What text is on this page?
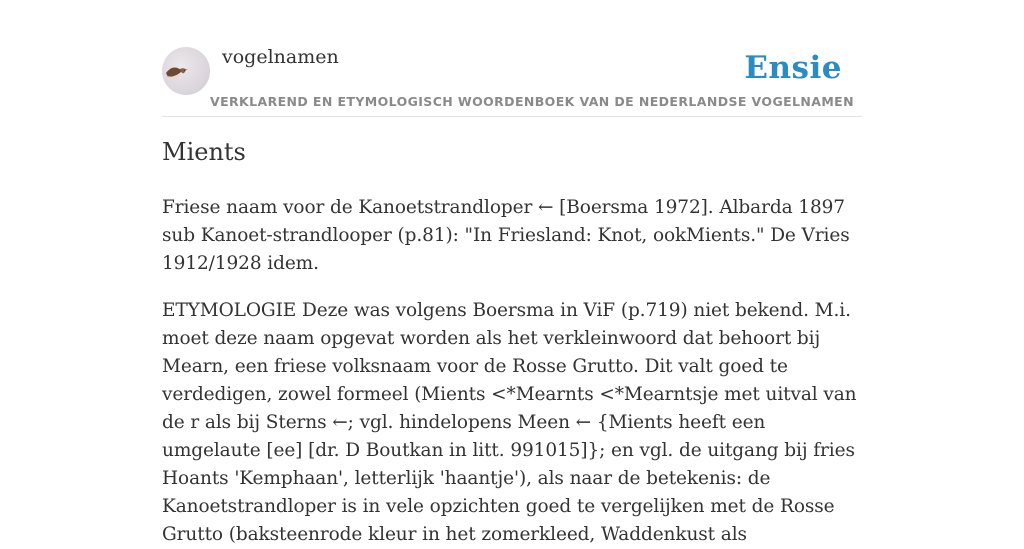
vogelnamen	Ensie
VERKLAREND EN ETYMOLOGISCH WOORDENBOEK VAN DE NEDERLANDSE VOGELNAMEN
Mients

Friese naam voor de Kanoetstrandloper ← [Boersma 1972]. Albarda 1897 sub Kanoet-strandlooper (p.81): "In Friesland: Knot, ookMients." De Vries 1912/1928 idem.

ETYMOLOGIE Deze was volgens Boersma in ViF (p.719) niet bekend. M.i. moet deze naam opgevat worden als het verkleinwoord dat behoort bij Mearn, een friese volksnaam voor de Rosse Grutto. Dit valt goed te verdedigen, zowel formeel (Mients <*Mearnts <*Mearntsje met uitval van de r als bij Sterns ←; vgl. hindelopens Meen ← {Mients heeft een umgelaute [ee] [dr. D Boutkan in litt. 991015]}; en vgl. de uitgang bij fries Hoants 'Kemphaan', letterlijk 'haantje'), als naar de betekenis: de Kanoetstrandloper is in vele opzichten goed te vergelijken met de Rosse Grutto (baksteenrode kleur in het zomerkleed, Waddenkust als
